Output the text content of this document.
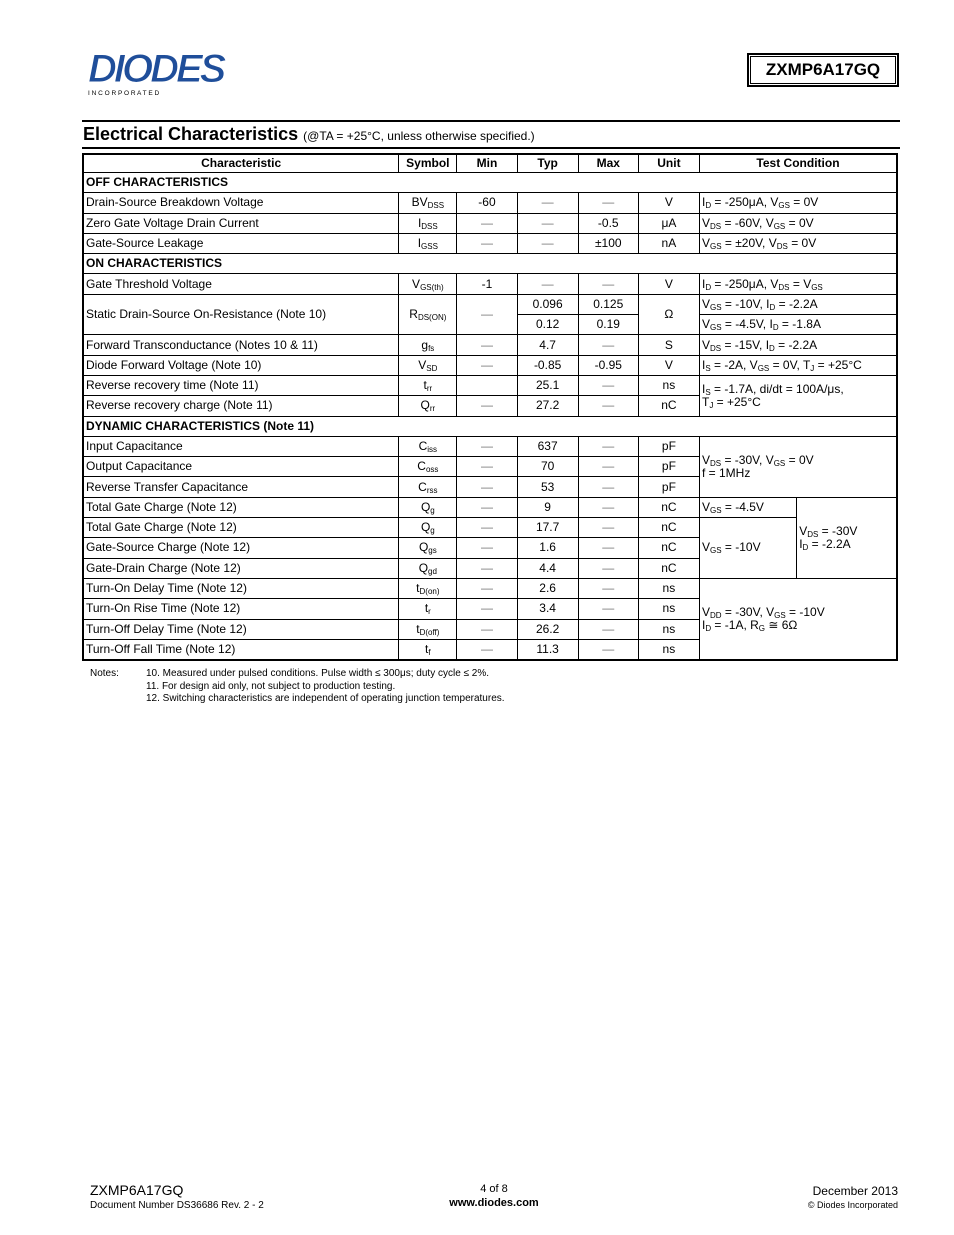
DIODES
I N C O R P O R A T E D
ZXMP6A17GQ
Electrical Characteristics (@TA = +25°C, unless otherwise specified.)
Characteristic	Symbol	Min	Typ	Max	Unit	Test Condition	
OFF CHARACTERISTICS							
Drain-Source Breakdown Voltage	$BV_{DSS}$	-60	—	—	V	$I_D = -250\mu A$, $V_{GS} = 0V$	
Zero Gate Voltage Drain Current	$I_{DSS}$	—	—	-0.5	μA	$V_{DS} = -60V$, $V_{GS} = 0V$	
Gate-Source Leakage	$I_{GSS}$	—	—	±100	nA	$V_{GS} = \pm 20V$, $V_{DS} = 0V$	
ON CHARACTERISTICS							
Gate Threshold Voltage	$V_{GS(th)}$	-1	—	—	V	$I_D = -250\mu A$, $V_{DS} = V_{GS}$
Static Drain-Source On-Resistance (Note 10)	$R_{DS(ON)}$	—	0.096	0.125	Ω	$V_{GS} = -10V$, $I_D = -2.2A$	
			0.12	0.19		$V_{GS} = -4.5V$, $I_D = -1.8A$	
Forward Transconductance (Notes 10 & 11)	$g_{fs}$	—	4.7	—	S	$V_{DS} = -15V$, $I_D = -2.2A$	
Diode Forward Voltage (Note 10)	$V_{SD}$	—	-0.85	-0.95	V	$I_S = -2A$, $V_{GS} = 0V$, $T_J = +25^\circ C$	
Reverse recovery time (Note 11)	$t_{rr}$		25.1	—	ns	$I_S = -1.7A$, di/dt = 100A/μs,
$T_J = +25^\circ C$	
Reverse recovery charge (Note 11)	$Q_{rr}$	—	27.2	—	nC		
DYNAMIC CHARACTERISTICS (Note 11)							
Input Capacitance	$C_{iss}$	—	637	—	pF	$V_{DS} = -30V$, $V_{GS} = 0V$
f = 1MHz	
Output Capacitance	$C_{oss}$	—	70	—	pF		
Reverse Transfer Capacitance	$C_{rss}$	—	53	—	pF		
Total Gate Charge (Note 12)	$Q_g$	—	9	—	nC	$V_{GS} = -4.5V$	$V_{DS} = -30V$
$I_D = -2.2A$
Total Gate Charge (Note 12)	$Q_g$	—	17.7	—	nC	$V_{GS} = -10V$	
Gate-Source Charge (Note 12)	$Q_{gs}$	—	1.6	—	nC		
Gate-Drain Charge (Note 12)	$Q_{gd}$	—	4.4	—	nC		
Turn-On Delay Time (Note 12)	$t_{D(on)}$	—	2.6	—	ns	$V_{DD} = -30V$, $V_{GS} = -10V$
$I_D = -1A$, $R_G$ ≅ 6Ω	
Turn-On Rise Time (Note 12)	$t_r$	—	3.4	—	ns		
Turn-Off Delay Time (Note 12)	$t_{D(off)}$	—	26.2	—	ns		
Turn-Off Fall Time (Note 12)	$t_f$	—	11.3	—	ns		
Notes:	10. Measured under pulsed conditions. Pulse width ≤ 300μs; duty cycle ≤ 2%.
11. For design aid only, not subject to production testing.
12. Switching characteristics are independent of operating junction temperatures.
ZXMP6A17GQ
Document Number DS36686 Rev. 2 - 2
4 of 8
www.diodes.com
December 2013
© Diodes Incorporated
